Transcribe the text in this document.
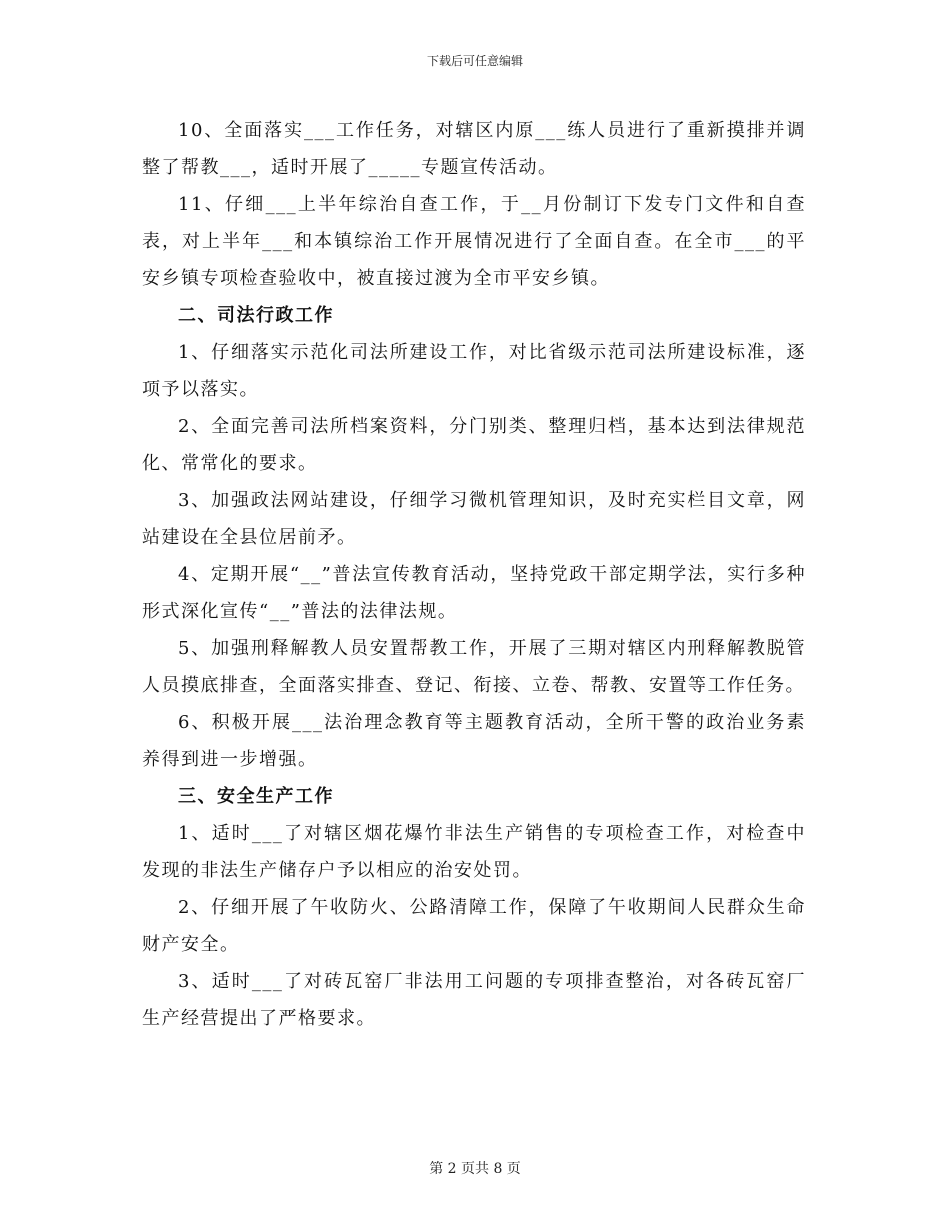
下载后可任意编辑

10、全面落实___工作任务，对辖区内原___练人员进行了重新摸排并调整了帮教___，适时开展了_____专题宣传活动。

11、仔细___上半年综治自查工作，于__月份制订下发专门文件和自查表，对上半年___和本镇综治工作开展情况进行了全面自查。在全市___的平安乡镇专项检查验收中，被直接过渡为全市平安乡镇。

二、司法行政工作

1、仔细落实示范化司法所建设工作，对比省级示范司法所建设标准，逐项予以落实。

2、全面完善司法所档案资料，分门别类、整理归档，基本达到法律规范化、常常化的要求。

3、加强政法网站建设，仔细学习微机管理知识，及时充实栏目文章，网站建设在全县位居前矛。

4、定期开展“__”普法宣传教育活动，坚持党政干部定期学法，实行多种形式深化宣传“__”普法的法律法规。

5、加强刑释解教人员安置帮教工作，开展了三期对辖区内刑释解教脱管人员摸底排查，全面落实排查、登记、衔接、立卷、帮教、安置等工作任务。

6、积极开展___法治理念教育等主题教育活动，全所干警的政治业务素养得到进一步增强。

三、安全生产工作

1、适时___了对辖区烟花爆竹非法生产销售的专项检查工作，对检查中发现的非法生产储存户予以相应的治安处罚。

2、仔细开展了午收防火、公路清障工作，保障了午收期间人民群众生命财产安全。

3、适时___了对砖瓦窑厂非法用工问题的专项排查整治，对各砖瓦窑厂生产经营提出了严格要求。

第 2 页共 8 页
